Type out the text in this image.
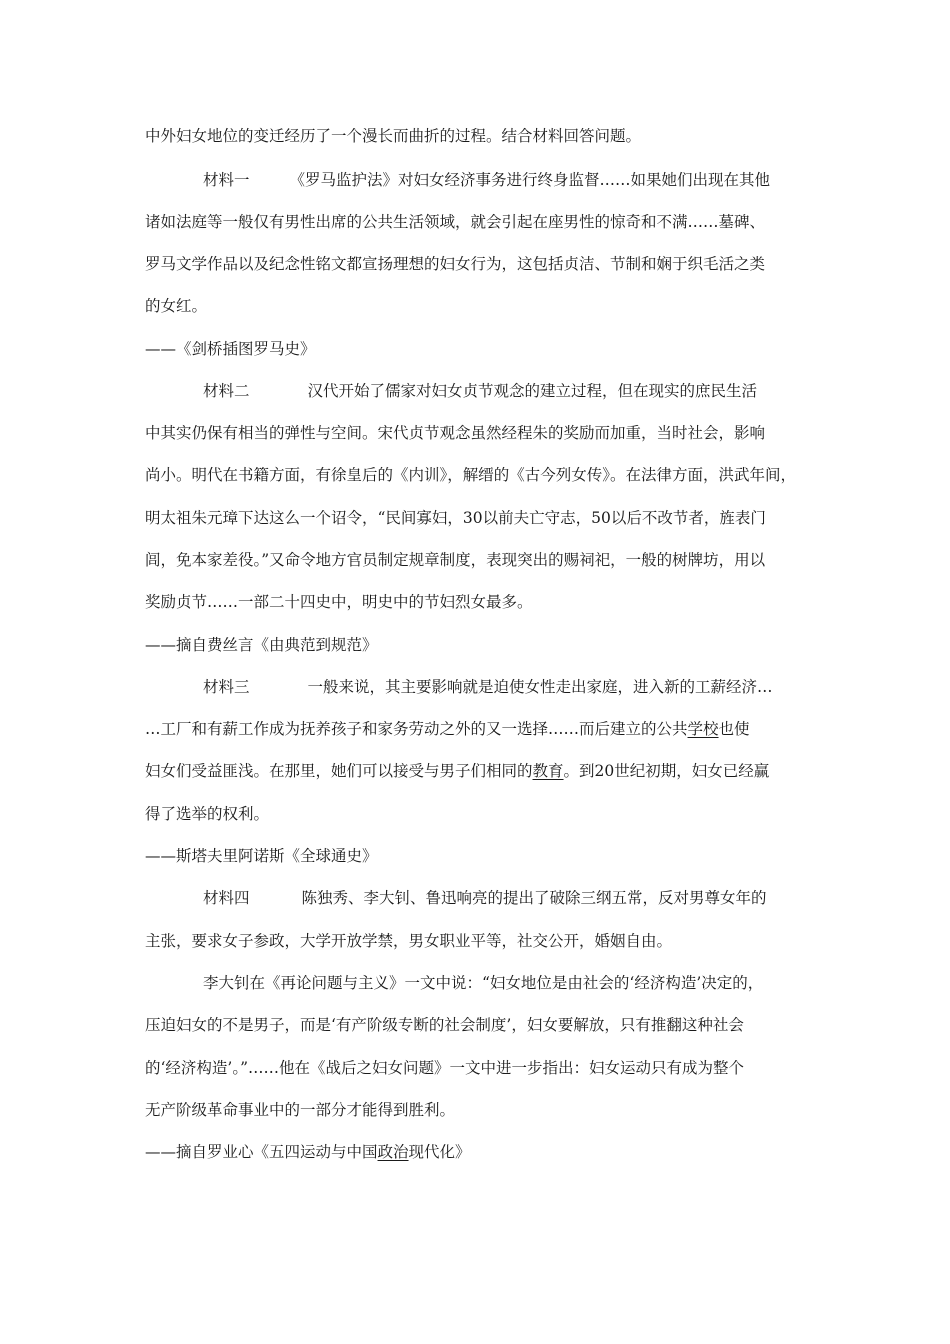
中外妇女地位的变迁经历了一个漫长而曲折的过程。结合材料回答问题。
材料一	《罗马监护法》对妇女经济事务进行终身监督……如果她们出现在其他
诸如法庭等一般仅有男性出席的公共生活领域，就会引起在座男性的惊奇和不满……墓碑、
罗马文学作品以及纪念性铭文都宣扬理想的妇女行为，这包括贞洁、节制和娴于织毛活之类
的女红。
——《剑桥插图罗马史》
材料二	汉代开始了儒家对妇女贞节观念的建立过程，但在现实的庶民生活
中其实仍保有相当的弹性与空间。宋代贞节观念虽然经程朱的奖励而加重，当时社会，影响
尚小。明代在书籍方面，有徐皇后的《内训》，解缙的《古今列女传》。在法律方面，洪武年间，
明太祖朱元璋下达这么一个诏令，“民间寡妇，30以前夫亡守志，50以后不改节者，旌表门
闾，免本家差役。”又命令地方官员制定规章制度，表现突出的赐祠祀，一般的树牌坊，用以
奖励贞节……一部二十四史中，明史中的节妇烈女最多。
——摘自费丝言《由典范到规范》
材料三	一般来说，其主要影响就是迫使女性走出家庭，进入新的工薪经济…
…工厂和有薪工作成为抚养孩子和家务劳动之外的又一选择……而后建立的公共学校也使
妇女们受益匪浅。在那里，她们可以接受与男子们相同的教育。到20世纪初期，妇女已经赢
得了选举的权利。
——斯塔夫里阿诺斯《全球通史》
材料四	陈独秀、李大钊、鲁迅响亮的提出了破除三纲五常，反对男尊女年的
主张，要求女子参政，大学开放学禁，男女职业平等，社交公开，婚姻自由。
李大钊在《再论问题与主义》一文中说：“妇女地位是由社会的‘经济构造’决定的，
压迫妇女的不是男子，而是‘有产阶级专断的社会制度’，妇女要解放，只有推翻这种社会
的‘经济构造’。”……他在《战后之妇女问题》一文中进一步指出：妇女运动只有成为整个
无产阶级革命事业中的一部分才能得到胜利。
——摘自罗业心《五四运动与中国政治现代化》
